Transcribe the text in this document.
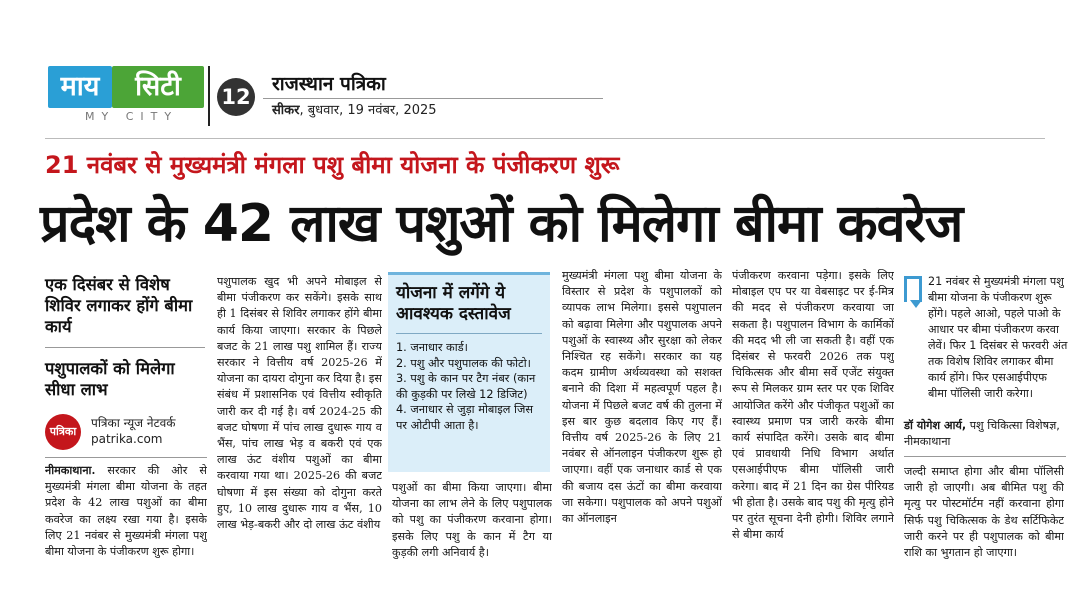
माय	सिटी
MY CITY
12
राजस्थान पत्रिका
सीकर, बुधवार, 19 नवंबर, 2025
21 नवंबर से मुख्यमंत्री मंगला पशु बीमा योजना के पंजीकरण शुरू
प्रदेश के 42 लाख पशुओं को मिलेगा बीमा कवरेज
एक दिसंबर से विशेष शिविर लगाकर होंगे बीमा कार्य
पशुपालकों को मिलेगा सीधा लाभ
पत्रिका
पत्रिका न्यूज नेटवर्क
patrika.com
नीमकाथाना. सरकार की ओर से मुख्यमंत्री मंगला बीमा योजना के तहत प्रदेश के 42 लाख पशुओं का बीमा कवरेज का लक्ष्य रखा गया है। इसके लिए 21 नवंबर से मुख्यमंत्री मंगला पशु बीमा योजना के पंजीकरण शुरू होगा।
पशुपालक खुद भी अपने मोबाइल से बीमा पंजीकरण कर सकेंगे। इसके साथ ही 1 दिसंबर से शिविर लगाकर होंगे बीमा कार्य किया जाएगा। सरकार के पिछले बजट के 21 लाख पशु शामिल हैं। राज्य सरकार ने वित्तीय वर्ष 2025-26 में योजना का दायरा दोगुना कर दिया है। इस संबंध में प्रशासनिक एवं वित्तीय स्वीकृति जारी कर दी गई है। वर्ष 2024-25 की बजट घोषणा में पांच लाख दुधारू गाय व भैंस, पांच लाख भेड़ व बकरी एवं एक लाख ऊंट वंशीय पशुओं का बीमा करवाया गया था। 2025-26 की बजट घोषणा में इस संख्या को दोगुना करते हुए, 10 लाख दुधारू गाय व भैंस, 10 लाख भेड़-बकरी और दो लाख ऊंट वंशीय
योजना में लगेंगे ये आवश्यक दस्तावेज
1. जनाधार कार्ड।
2. पशु और पशुपालक की फोटो।
3. पशु के कान पर टैग नंबर (कान की कुड़की पर लिखे 12 डिजिट)
4. जनाधार से जुड़ा मोबाइल जिस पर ओटीपी आता है।
पशुओं का बीमा किया जाएगा। बीमा योजना का लाभ लेने के लिए पशुपालक को पशु का पंजीकरण करवाना होगा। इसके लिए पशु के कान में टैग या कुड़की लगी अनिवार्य है।
मुख्यमंत्री मंगला पशु बीमा योजना के विस्तार से प्रदेश के पशुपालकों को व्यापक लाभ मिलेगा। इससे पशुपालन को बढ़ावा मिलेगा और पशुपालक अपने पशुओं के स्वास्थ्य और सुरक्षा को लेकर निश्चित रह सकेंगे। सरकार का यह कदम ग्रामीण अर्थव्यवस्था को सशक्त बनाने की दिशा में महत्वपूर्ण पहल है। योजना में पिछले बजट वर्ष की तुलना में इस बार कुछ बदलाव किए गए हैं। वित्तीय वर्ष 2025-26 के लिए 21 नवंबर से ऑनलाइन पंजीकरण शुरू हो जाएगा। वहीं एक जनाधार कार्ड से एक की बजाय दस ऊंटों का बीमा करवाया जा सकेगा। पशुपालक को अपने पशुओं का ऑनलाइन
पंजीकरण करवाना पड़ेगा। इसके लिए मोबाइल एप पर या वेबसाइट पर ई-मित्र की मदद से पंजीकरण करवाया जा सकता है। पशुपालन विभाग के कार्मिकों की मदद भी ली जा सकती है। वहीं एक दिसंबर से फरवरी 2026 तक पशु चिकित्सक और बीमा सर्वे एजेंट संयुक्त रूप से मिलकर ग्राम स्तर पर एक शिविर आयोजित करेंगे और पंजीकृत पशुओं का स्वास्थ्य प्रमाण पत्र जारी करके बीमा कार्य संपादित करेंगे। उसके बाद बीमा एवं प्रावधायी निधि विभाग अर्थात एसआईपीएफ बीमा पॉलिसी जारी करेगा। बाद में 21 दिन का ग्रेस पीरियड भी होता है। उसके बाद पशु की मृत्यु होने पर तुरंत सूचना देनी होगी। शिविर लगाने से बीमा कार्य
21 नवंबर से मुख्यमंत्री मंगला पशु बीमा योजना के पंजीकरण शुरू होंगे। पहले आओ, पहले पाओ के आधार पर बीमा पंजीकरण करवा लेवें। फिर 1 दिसंबर से फरवरी अंत तक विशेष शिविर लगाकर बीमा कार्य होंगे। फिर एसआईपीएफ बीमा पॉलिसी जारी करेगा।
डॉ योगेश आर्य, पशु चिकित्सा विशेषज्ञ, नीमकाथाना
जल्दी समाप्त होगा और बीमा पॉलिसी जारी हो जाएगी। अब बीमित पशु की मृत्यु पर पोस्टमॉर्टम नहीं करवाना होगा सिर्फ पशु चिकित्सक के डेथ सर्टिफिकेट जारी करने पर ही पशुपालक को बीमा राशि का भुगतान हो जाएगा।
